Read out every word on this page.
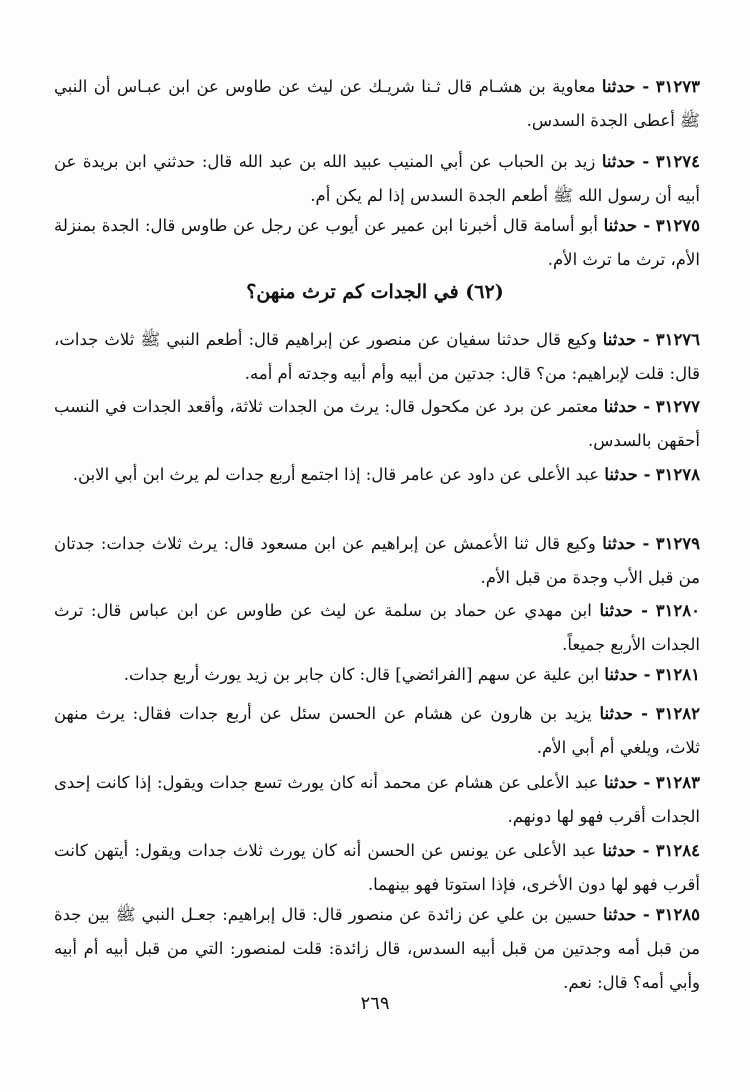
٣١٢٧٣ - حدثنا معاوية بن هشـام قال ثـنا شريـك عن ليث عن طاوس عن ابن عبـاس أن النبي ﷺ أعطى الجدة السدس.
٣١٢٧٤ - حدثنا زيد بن الحباب عن أبي المنيب عبيد الله بن عبد الله قال: حدثني ابن بريدة عن أبيه أن رسول الله ﷺ أطعم الجدة السدس إذا لم يكن أم.
٣١٢٧٥ - حدثنا أبو أسامة قال أخبرنا ابن عمير عن أيوب عن رجل عن طاوس قال: الجدة بمنزلة الأم، ترث ما ترث الأم.
(٦٢) في الجدات كم ترث منهن؟
٣١٢٧٦ - حدثنا وكيع قال حدثنا سفيان عن منصور عن إبراهيم قال: أطعم النبي ﷺ ثلاث جدات، قال: قلت لإبراهيم: من؟ قال: جدتين من أبيه وأم أبيه وجدته أم أمه.
٣١٢٧٧ - حدثنا معتمر عن برد عن مكحول قال: يرث من الجدات ثلاثة، وأقعد الجدات في النسب أحقهن بالسدس.
٣١٢٧٨ - حدثنا عبد الأعلى عن داود عن عامر قال: إذا اجتمع أربع جدات لم يرث ابن أبي الابن.
٣١٢٧٩ - حدثنا وكيع قال ثنا الأعمش عن إبراهيم عن ابن مسعود قال: يرث ثلاث جدات: جدتان من قبل الأب وجدة من قبل الأم.
٣١٢٨٠ - حدثنا ابن مهدي عن حماد بن سلمة عن ليث عن طاوس عن ابن عباس قال: ترث الجدات الأربع جميعاً.
٣١٢٨١ - حدثنا ابن علية عن سهم [الفرائضي] قال: كان جابر بن زيد يورث أربع جدات.
٣١٢٨٢ - حدثنا يزيد بن هارون عن هشام عن الحسن سئل عن أربع جدات فقال: يرث منهن ثلاث، ويلغي أم أبي الأم.
٣١٢٨٣ - حدثنا عبد الأعلى عن هشام عن محمد أنه كان يورث تسع جدات ويقول: إذا كانت إحدى الجدات أقرب فهو لها دونهم.
٣١٢٨٤ - حدثنا عبد الأعلى عن يونس عن الحسن أنه كان يورث ثلاث جدات ويقول: أيتهن كانت أقرب فهو لها دون الأخرى، فإذا استوتا فهو بينهما.
٣١٢٨٥ - حدثنا حسين بن علي عن زائدة عن منصور قال: قال إبراهيم: جعـل النبي ﷺ بين جدة من قبل أمه وجدتين من قبل أبيه السدس، قال زائدة: قلت لمنصور: التي من قبل أبيه أم أبيه وأبي أمه؟ قال: نعم.
٢٦٩
